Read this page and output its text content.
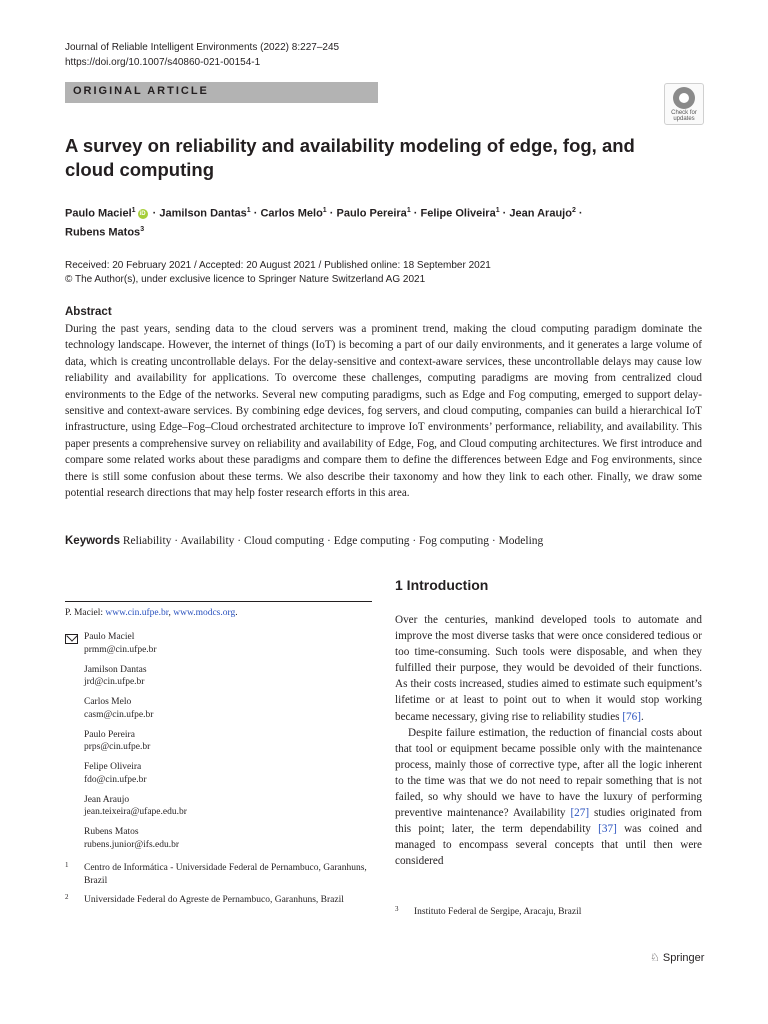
Journal of Reliable Intelligent Environments (2022) 8:227–245
https://doi.org/10.1007/s40860-021-00154-1
ORIGINAL ARTICLE
Check for
updates
A survey on reliability and availability modeling of edge, fog, and cloud computing
Paulo Maciel$^1$ iD · Jamilson Dantas$^1$ · Carlos Melo$^1$ · Paulo Pereira$^1$ · Felipe Oliveira$^1$ · Jean Araujo$^2$ ·
Rubens Matos$^3$
Received: 20 February 2021 / Accepted: 20 August 2021 / Published online: 18 September 2021
© The Author(s), under exclusive licence to Springer Nature Switzerland AG 2021
Abstract
During the past years, sending data to the cloud servers was a prominent trend, making the cloud computing paradigm dominate the technology landscape. However, the internet of things (IoT) is becoming a part of our daily environments, and it generates a large volume of data, which is creating uncontrollable delays. For the delay-sensitive and context-aware services, these uncontrollable delays may cause low reliability and availability for applications. To overcome these challenges, computing paradigms are moving from centralized cloud environments to the Edge of the networks. Several new computing paradigms, such as Edge and Fog computing, emerged to support delay-sensitive and context-aware services. By combining edge devices, fog servers, and cloud computing, companies can build a hierarchical IoT infrastructure, using Edge–Fog–Cloud orchestrated architecture to improve IoT environments’ performance, reliability, and availability. This paper presents a comprehensive survey on reliability and availability of Edge, Fog, and Cloud computing architectures. We first introduce and compare some related works about these paradigms and compare them to define the differences between Edge and Fog environments, since there is still some confusion about these terms. We also describe their taxonomy and how they link to each other. Finally, we draw some potential research directions that may help foster research efforts in this area.
Keywords Reliability · Availability · Cloud computing · Edge computing · Fog computing · Modeling
P. Maciel: www.cin.ufpe.br, www.modcs.org.
Paulo Maciel
prmm@cin.ufpe.br
Jamilson Dantas
jrd@cin.ufpe.br
Carlos Melo
casm@cin.ufpe.br
Paulo Pereira
prps@cin.ufpe.br
Felipe Oliveira
fdo@cin.ufpe.br
Jean Araujo
jean.teixeira@ufape.edu.br
Rubens Matos
rubens.junior@ifs.edu.br
1 Centro de Informática - Universidade Federal de Pernambuco, Garanhuns, Brazil
2 Universidade Federal do Agreste de Pernambuco, Garanhuns, Brazil
1 Introduction

Over the centuries, mankind developed tools to automate and improve the most diverse tasks that were once considered tedious or too time-consuming. Such tools were disposable, and when they fulfilled their purpose, they would be devoided of their functions. As their costs increased, studies aimed to estimate such equipment’s lifetime or at least to point out to when it would stop working became necessary, giving rise to reliability studies [76].

Despite failure estimation, the reduction of financial costs about that tool or equipment became possible only with the maintenance process, mainly those of corrective type, after all the logic inherent to the time was that we do not need to repair something that is not failed, so why should we have to have the luxury of performing preventive maintenance? Availability [27] studies originated from this point; later, the term dependability [37] was coined and managed to encompass several concepts that until then were considered

3 Instituto Federal de Sergipe, Aracaju, Brazil
♘ Springer
